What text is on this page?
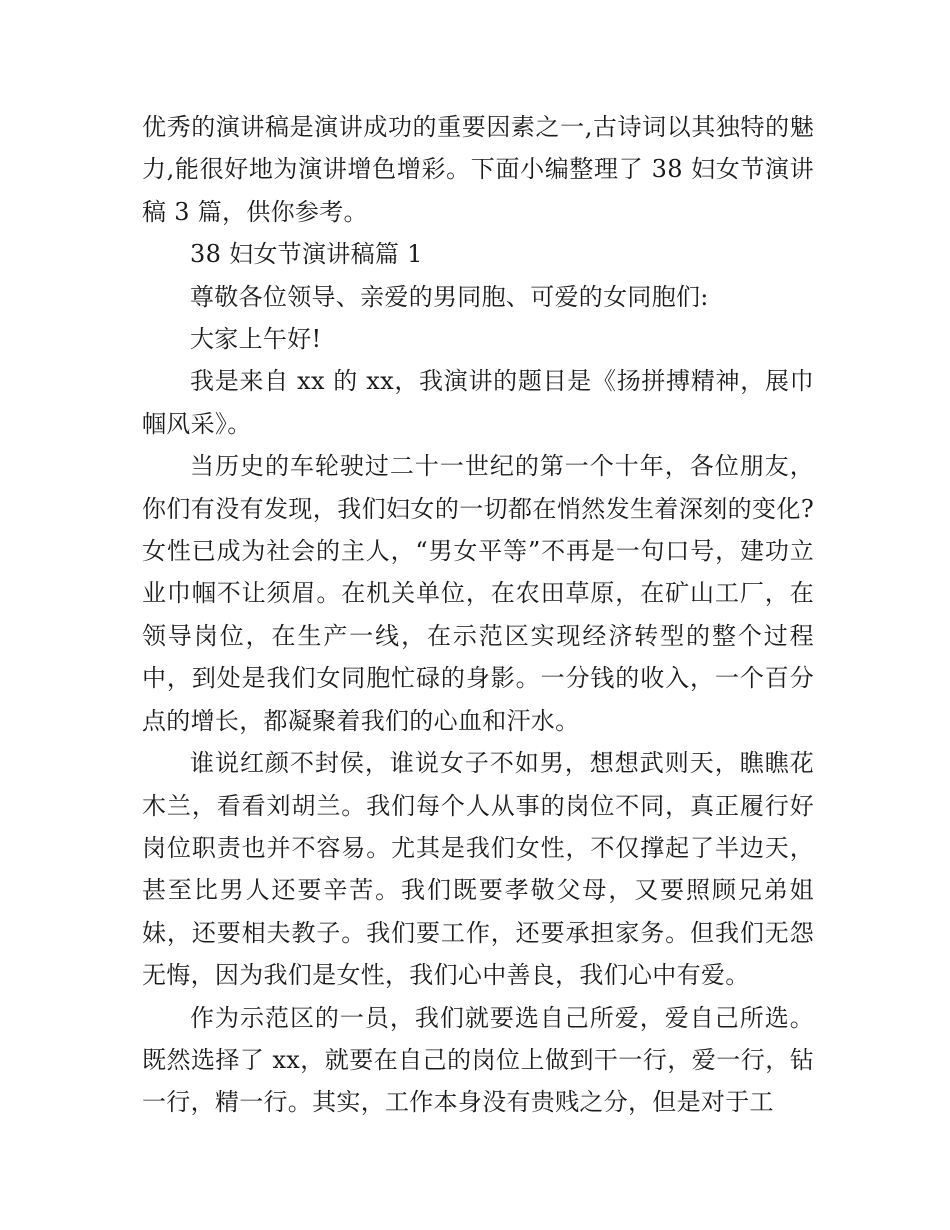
优秀的演讲稿是演讲成功的重要因素之一,古诗词以其独特的魅力,能很好地为演讲增色增彩。下面小编整理了 38 妇女节演讲稿 3 篇，供你参考。

38 妇女节演讲稿篇 1

尊敬各位领导、亲爱的男同胞、可爱的女同胞们:

大家上午好!

我是来自 xx 的 xx，我演讲的题目是《扬拼搏精神，展巾帼风采》。

当历史的车轮驶过二十一世纪的第一个十年，各位朋友，你们有没有发现，我们妇女的一切都在悄然发生着深刻的变化?女性已成为社会的主人，“男女平等”不再是一句口号，建功立业巾帼不让须眉。在机关单位，在农田草原，在矿山工厂，在领导岗位，在生产一线，在示范区实现经济转型的整个过程中，到处是我们女同胞忙碌的身影。一分钱的收入，一个百分点的增长，都凝聚着我们的心血和汗水。

谁说红颜不封侯，谁说女子不如男，想想武则天，瞧瞧花木兰，看看刘胡兰。我们每个人从事的岗位不同，真正履行好岗位职责也并不容易。尤其是我们女性，不仅撑起了半边天，甚至比男人还要辛苦。我们既要孝敬父母，又要照顾兄弟姐妹，还要相夫教子。我们要工作，还要承担家务。但我们无怨无悔，因为我们是女性，我们心中善良，我们心中有爱。

作为示范区的一员，我们就要选自己所爱，爱自己所选。既然选择了 xx，就要在自己的岗位上做到干一行，爱一行，钻一行，精一行。其实，工作本身没有贵贱之分，但是对于工
